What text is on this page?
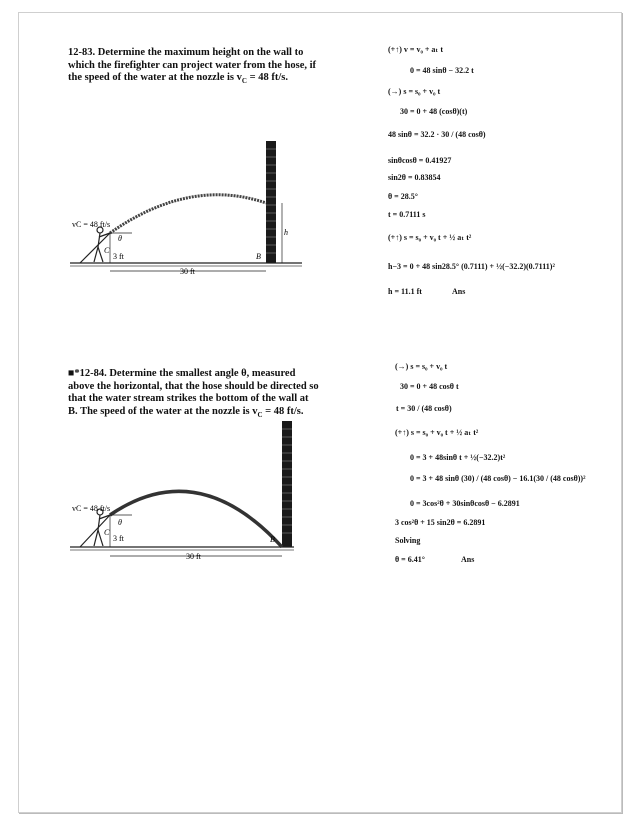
12-83. Determine the maximum height on the wall to which the firefighter can project water from the hose, if the speed of the water at the nozzle is $v_C = 48$ ft/s.
vC = 48 ft/s
θ
C
3 ft
30 ft
B
h
(+↑) v = v₀ + aₜ t
0 = 48 sinθ − 32.2 t
(→) s = s₀ + v₀ t
30 = 0 + 48 (cosθ)(t)
48 sinθ = 32.2 · 30 / (48 cosθ)
sinθcosθ = 0.41927
sin2θ = 0.83854
θ = 28.5°
t = 0.7111 s
(+↑) s = s₀ + v₀ t + ½ aₜ t²
h−3 = 0 + 48 sin28.5° (0.7111) + ½(−32.2)(0.7111)²
h = 11.1 ft	Ans
■*12-84. Determine the smallest angle θ, measured above the horizontal, that the hose should be directed so that the water stream strikes the bottom of the wall at B. The speed of the water at the nozzle is $v_C = 48$ ft/s.
vC = 48 ft/s
θ
C
3 ft
30 ft
B
(→) s = s₀ + v₀ t
30 = 0 + 48 cosθ t
t = 30 / (48 cosθ)
(+↑) s = s₀ + v₀ t + ½ aₜ t²
0 = 3 + 48sinθ t + ½(−32.2)t²
0 = 3 + 48 sinθ (30) / (48 cosθ) − 16.1(30 / (48 cosθ))²
0 = 3cos²θ + 30sinθcosθ − 6.2891
3 cos²θ + 15 sin2θ = 6.2891
Solving
θ = 6.41°	Ans
